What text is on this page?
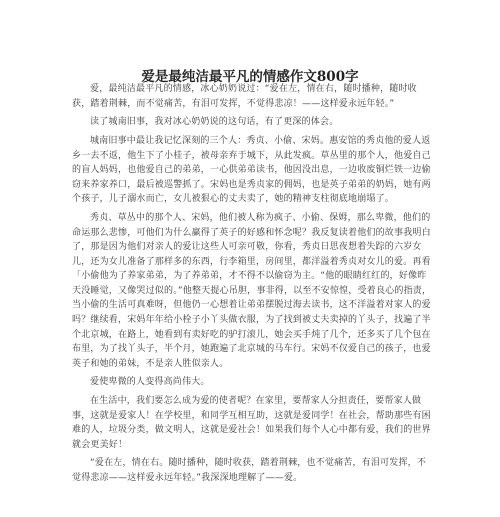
爱是最纯洁最平凡的情感作文800字

爱，最纯洁最平凡的情感，冰心奶奶说过：“爱在左，情在右，随时播种，随时收获，踏着荆棘，而不觉痛苦，有泪可发挥，不觉得悲凉！——这样爱永远年轻。”

读了城南旧事，我对冰心奶奶说的这句话，有了更深的体会。

城南旧事中最让我记忆深刻的三个人：秀贞、小偷、宋妈。惠安馆的秀贞他的爱人返乡一去不返，他生下了小桂子，被母亲弃于城下，从此发疯。草丛里的那个人，他爱自己的盲人妈妈，也他爱自己的弟弟，一心供弟弟读书，他因没出息，一边收废铜烂铁一边偷窃来养家养口，最后被巡警抓了。宋妈也是秀贞家的佣妈，也是英子弟弟的奶妈，她有两个孩子，儿子溺水而亡，女儿被狠心的丈夫卖了，她的精神支柱彻底地崩塌了。

秀贞、草丛中的那个人、宋妈，他们被人称为疯子、小偷、保姆，那么卑微，他们的命运那么悲惨，可他们为什么赢得了英子的好感和怀念呢？我反复读着他们的故事我明白了，那是因为他们对亲人的爱让这些人可亲可敬，你看，秀贞日思夜想着失踪的六岁女儿，还为女儿准备了那样多的东西，行李箱里，房间里，都洋溢着秀贞对女儿的爱。再看「小偷他为了养家弟弟，为了养弟弟，才不得不以偷窃为主。“他的眼睛红红的，好像昨天没睡觉，又像哭过似的。”他整天提心吊胆，事非得，以至不安惊惶，受着良心的指责，当小偷的生活可真难呀，但他仍一心想着让弟弟摆脱过海去读书，这不洋溢着对家人的爱吗？继续看，宋妈年年给小栓子小丫头做衣服，为了找到被丈夫卖掉的丫头子，找遍了半个北京城，在路上，她看到有卖好吃的驴打滚儿，她会买手炖了几个，还多买了几个包在布里，为了找丫头子，半个月，她跑遍了北京城的马车行。宋妈不仅爱自己的孩子，也爱英子和她的弟妹，不是亲人胜似亲人。

爱使卑微的人变得高尚伟大。

在生活中，我们要怎么成为爱的使者呢？在家里，要帮家人分担责任，要帮家人做事，这就是爱家人！在学校里，和同学互相互助，这就是爱同学！在社会，帮助那些有困难的人，垃圾分类，做文明人，这就是爱社会！如果我们每个人心中都有爱，我们的世界就会更美好！

“爱在左，情在右。随时播种，随时收获，踏着荆棘，也不觉痛苦，有泪可发挥，不觉得悲凉——这样爱永远年轻。”我深深地理解了——爱。
